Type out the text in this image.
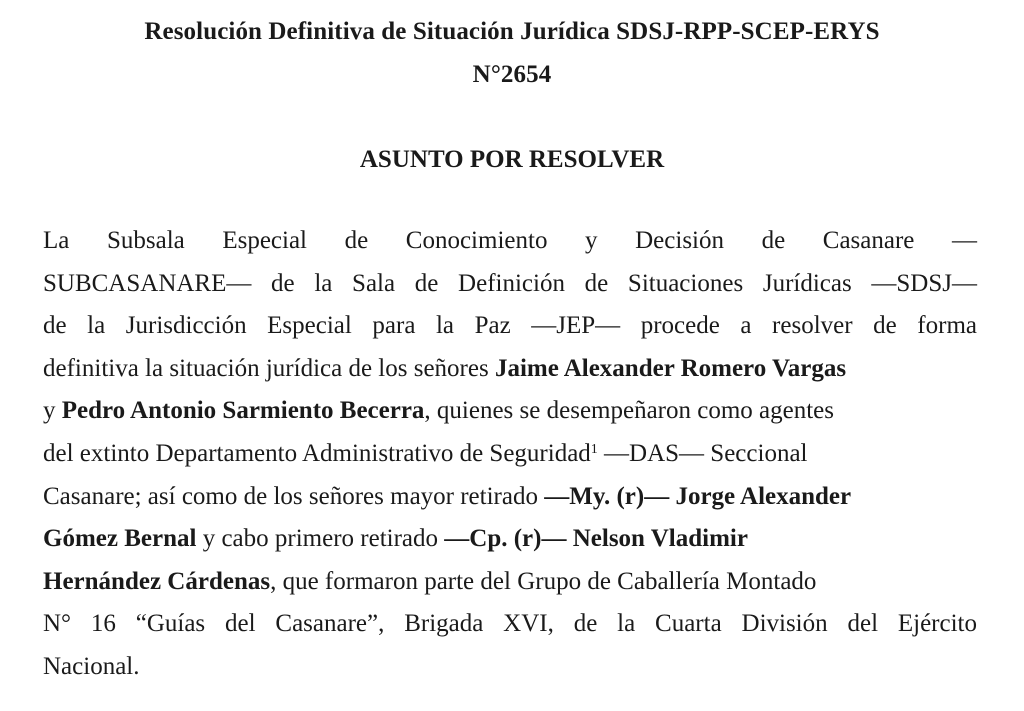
Resolución Definitiva de Situación Jurídica SDSJ-RPP-SCEP-ERYS
N°2654
ASUNTO POR RESOLVER
La Subsala Especial de Conocimiento y Decisión de Casanare —
SUBCASANARE— de la Sala de Definición de Situaciones Jurídicas —SDSJ—
de la Jurisdicción Especial para la Paz —JEP— procede a resolver de forma
definitiva la situación jurídica de los señores Jaime Alexander Romero Vargas
y Pedro Antonio Sarmiento Becerra, quienes se desempeñaron como agentes
del extinto Departamento Administrativo de Seguridad$^1$ —DAS— Seccional
Casanare; así como de los señores mayor retirado —My. (r)— Jorge Alexander
Gómez Bernal y cabo primero retirado —Cp. (r)— Nelson Vladimir
Hernández Cárdenas, que formaron parte del Grupo de Caballería Montado
N° 16 “Guías del Casanare”, Brigada XVI, de la Cuarta División del Ejército
Nacional.
